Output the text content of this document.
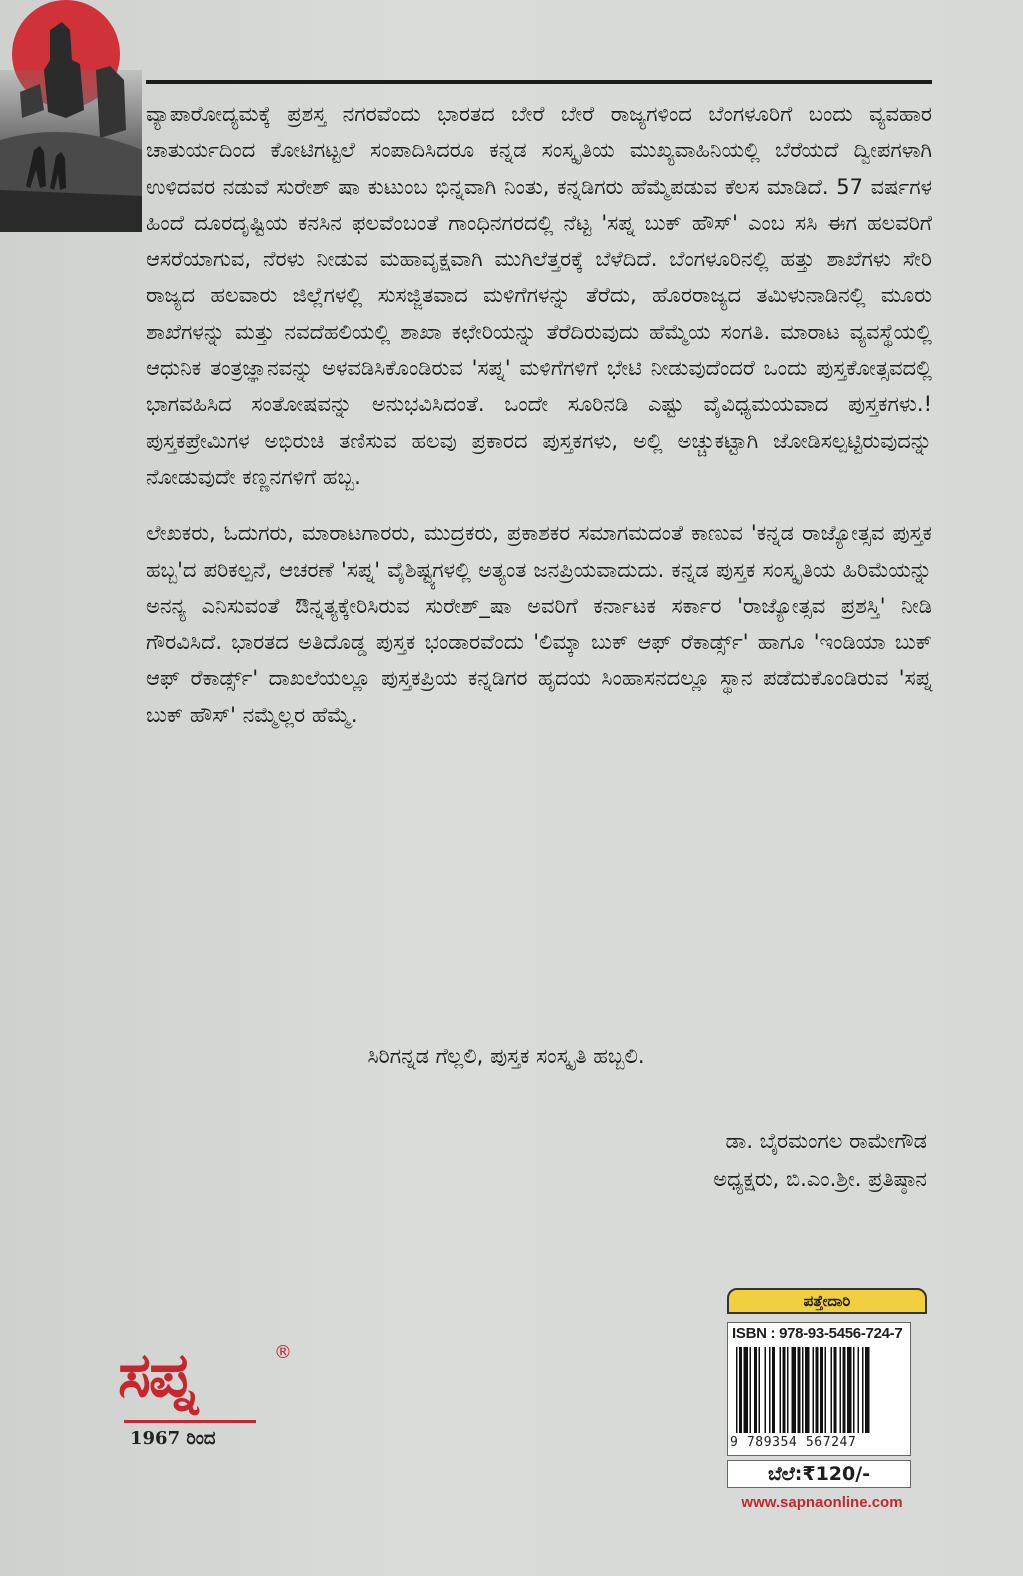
ವ್ಯಾಪಾರೋದ್ಯಮಕ್ಕೆ ಪ್ರಶಸ್ತ ನಗರವೆಂದು ಭಾರತದ ಬೇರೆ ಬೇರೆ ರಾಜ್ಯಗಳಿಂದ ಬೆಂಗಳೂರಿಗೆ ಬಂದು ವ್ಯವಹಾರ ಚಾತುರ್ಯದಿಂದ ಕೋಟಿಗಟ್ಟಲೆ ಸಂಪಾದಿಸಿದರೂ ಕನ್ನಡ ಸಂಸ್ಕೃತಿಯ ಮುಖ್ಯವಾಹಿನಿಯಲ್ಲಿ ಬೆರೆಯದೆ ದ್ವೀಪಗಳಾಗಿ ಉಳಿದವರ ನಡುವೆ ಸುರೇಶ್ ಷಾ ಕುಟುಂಬ ಭಿನ್ನವಾಗಿ ನಿಂತು, ಕನ್ನಡಿಗರು ಹೆಮ್ಮೆಪಡುವ ಕೆಲಸ ಮಾಡಿದೆ. 57 ವರ್ಷಗಳ ಹಿಂದೆ ದೂರದೃಷ್ಟಿಯ ಕನಸಿನ ಫಲವೆಂಬಂತೆ ಗಾಂಧಿನಗರದಲ್ಲಿ ನೆಟ್ಟ 'ಸಪ್ನ ಬುಕ್ ಹೌಸ್' ಎಂಬ ಸಸಿ ಈಗ ಹಲವರಿಗೆ ಆಸರೆಯಾಗುವ, ನೆರಳು ನೀಡುವ ಮಹಾವೃಕ್ಷವಾಗಿ ಮುಗಿಲೆತ್ತರಕ್ಕೆ ಬೆಳೆದಿದೆ. ಬೆಂಗಳೂರಿನಲ್ಲಿ ಹತ್ತು ಶಾಖೆಗಳು ಸೇರಿ ರಾಜ್ಯದ ಹಲವಾರು ಜಿಲ್ಲೆಗಳಲ್ಲಿ ಸುಸಜ್ಜಿತವಾದ ಮಳಿಗೆಗಳನ್ನು ತೆರೆದು, ಹೊರರಾಜ್ಯದ ತಮಿಳುನಾಡಿನಲ್ಲಿ ಮೂರು ಶಾಖೆಗಳನ್ನು ಮತ್ತು ನವದೆಹಲಿಯಲ್ಲಿ ಶಾಖಾ ಕಛೇರಿಯನ್ನು ತೆರೆದಿರುವುದು ಹೆಮ್ಮೆಯ ಸಂಗತಿ. ಮಾರಾಟ ವ್ಯವಸ್ಥೆಯಲ್ಲಿ ಆಧುನಿಕ ತಂತ್ರಜ್ಞಾನವನ್ನು ಅಳವಡಿಸಿಕೊಂಡಿರುವ 'ಸಪ್ನ' ಮಳಿಗೆಗಳಿಗೆ ಭೇಟಿ ನೀಡುವುದೆಂದರೆ ಒಂದು ಪುಸ್ತಕೋತ್ಸವದಲ್ಲಿ ಭಾಗವಹಿಸಿದ ಸಂತೋಷವನ್ನು ಅನುಭವಿಸಿದಂತೆ. ಒಂದೇ ಸೂರಿನಡಿ ಎಷ್ಟು ವೈವಿಧ್ಯಮಯವಾದ ಪುಸ್ತಕಗಳು.! ಪುಸ್ತಕಪ್ರೇಮಿಗಳ ಅಭಿರುಚಿ ತಣಿಸುವ ಹಲವು ಪ್ರಕಾರದ ಪುಸ್ತಕಗಳು, ಅಲ್ಲಿ ಅಚ್ಚುಕಟ್ಟಾಗಿ ಜೋಡಿಸಲ್ಪಟ್ಟಿರುವುದನ್ನು ನೋಡುವುದೇ ಕಣ್ಣನಗಳಿಗೆ ಹಬ್ಬ.

ಲೇಖಕರು, ಓದುಗರು, ಮಾರಾಟಗಾರರು, ಮುದ್ರಕರು, ಪ್ರಕಾಶಕರ ಸಮಾಗಮದಂತೆ ಕಾಣುವ 'ಕನ್ನಡ ರಾಜ್ಯೋತ್ಸವ ಪುಸ್ತಕ ಹಬ್ಬ'ದ ಪರಿಕಲ್ಪನೆ, ಆಚರಣೆ 'ಸಪ್ನ' ವೈಶಿಷ್ಟ್ಯಗಳಲ್ಲಿ ಅತ್ಯಂತ ಜನಪ್ರಿಯವಾದುದು. ಕನ್ನಡ ಪುಸ್ತಕ ಸಂಸ್ಕೃತಿಯ ಹಿರಿಮೆಯನ್ನು ಅನನ್ಯ ಎನಿಸುವಂತೆ ಔನ್ನತ್ಯಕ್ಕೇರಿಸಿರುವ ಸುರೇಶ್_ಷಾ ಅವರಿಗೆ ಕರ್ನಾಟಕ ಸರ್ಕಾರ 'ರಾಜ್ಯೋತ್ಸವ ಪ್ರಶಸ್ತಿ' ನೀಡಿ ಗೌರವಿಸಿದೆ. ಭಾರತದ ಅತಿದೊಡ್ಡ ಪುಸ್ತಕ ಭಂಡಾರವೆಂದು 'ಲಿಮ್ಕಾ ಬುಕ್ ಆಫ್ ರೆಕಾರ್ಡ್ಸ್' ಹಾಗೂ 'ಇಂಡಿಯಾ ಬುಕ್ ಆಫ್ ರೆಕಾರ್ಡ್ಸ್' ದಾಖಲೆಯಲ್ಲೂ ಪುಸ್ತಕಪ್ರಿಯ ಕನ್ನಡಿಗರ ಹೃದಯ ಸಿಂಹಾಸನದಲ್ಲೂ ಸ್ಥಾನ ಪಡೆದುಕೊಂಡಿರುವ 'ಸಪ್ನ ಬುಕ್ ಹೌಸ್' ನಮ್ಮೆಲ್ಲರ ಹೆಮ್ಮೆ.

ಸಿರಿಗನ್ನಡ ಗೆಲ್ಲಲಿ, ಪುಸ್ತಕ ಸಂಸ್ಕೃತಿ ಹಬ್ಬಲಿ.
ಡಾ. ಬೈರಮಂಗಲ ರಾಮೇಗೌಡ
ಅಧ್ಯಕ್ಷರು, ಬಿ.ಎಂ.ಶ್ರೀ. ಪ್ರತಿಷ್ಠಾನ
ಸಪ್ನ	®
1967 ರಿಂದ
ಪತ್ತೇದಾರಿ
ISBN : 978-93-5456-724-7
9 789354 567247
ಬೆಲೆ:₹120/-
www.sapnaonline.com
